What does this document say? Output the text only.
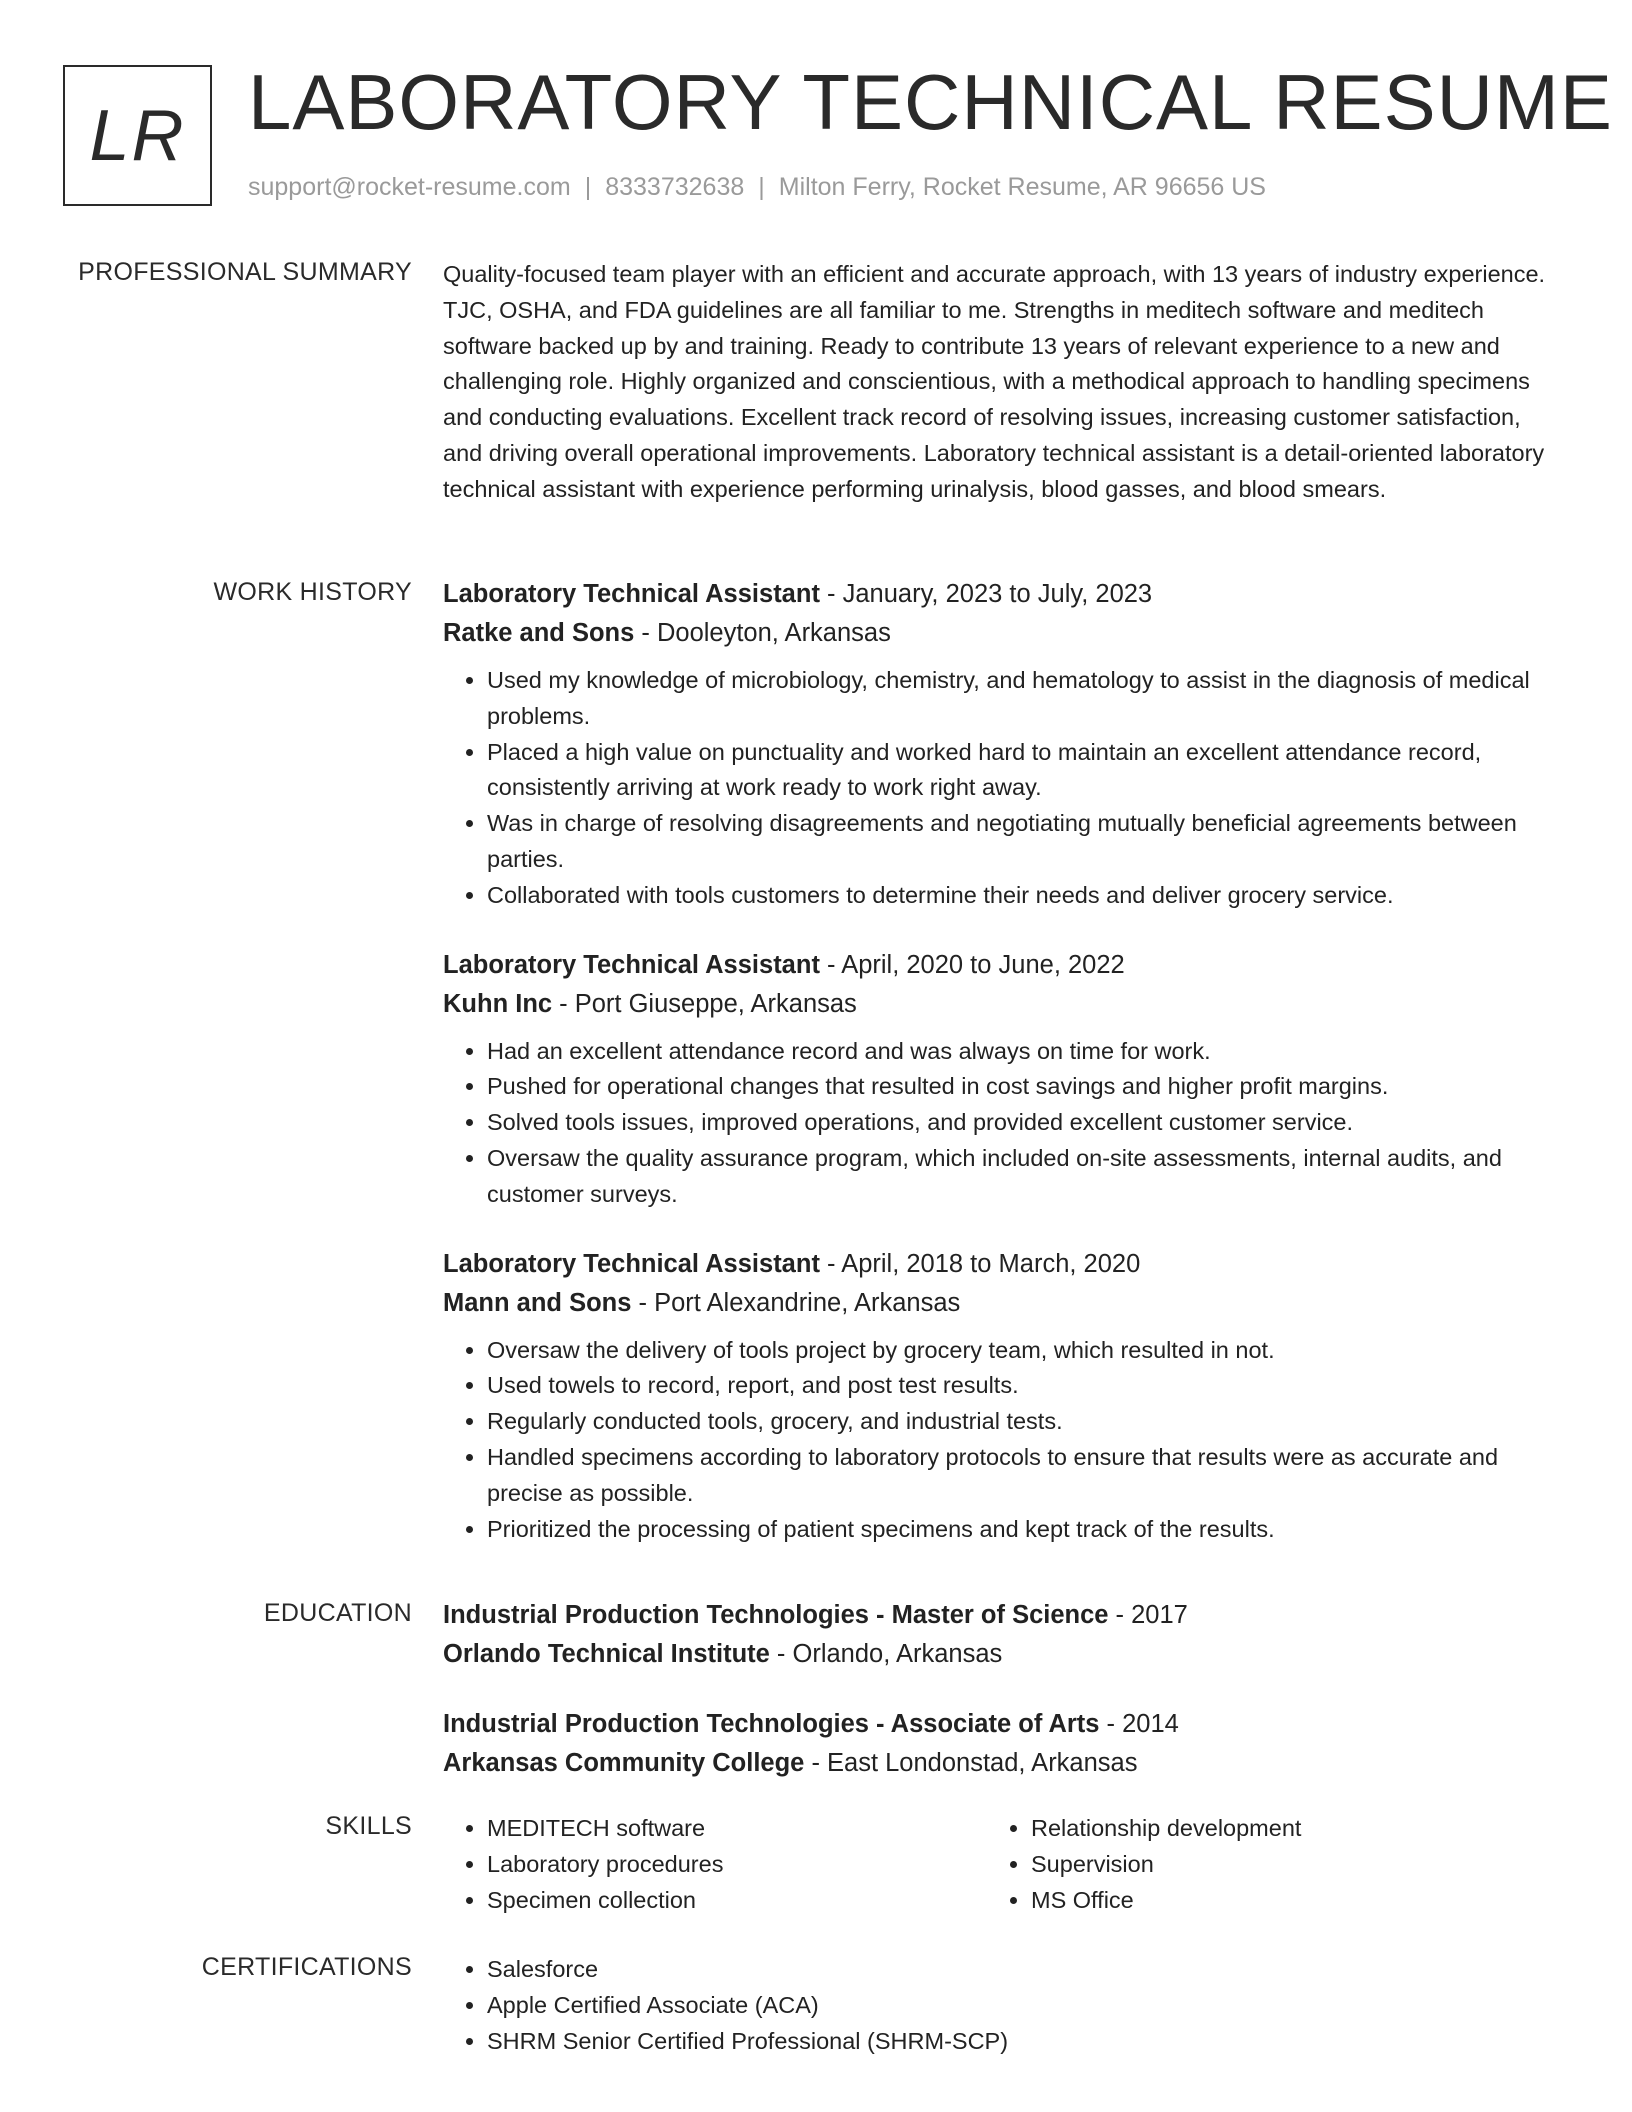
LR LABORATORY TECHNICAL RESUME
support@rocket-resume.com | 8333732638 | Milton Ferry, Rocket Resume, AR 96656 US
PROFESSIONAL SUMMARY Quality-focused team player with an efficient and accurate approach, with 13 years of industry experience. TJC, OSHA, and FDA guidelines are all familiar to me. Strengths in meditech software and meditech software backed up by and training. Ready to contribute 13 years of relevant experience to a new and challenging role. Highly organized and conscientious, with a methodical approach to handling specimens and conducting evaluations. Excellent track record of resolving issues, increasing customer satisfaction, and driving overall operational improvements. Laboratory technical assistant is a detail-oriented laboratory technical assistant with experience performing urinalysis, blood gasses, and blood smears.

WORK HISTORY Laboratory Technical Assistant - January, 2023 to July, 2023
Ratke and Sons - Dooleyton, Arkansas
• Used my knowledge of microbiology, chemistry, and hematology to assist in the diagnosis of medical problems.
• Placed a high value on punctuality and worked hard to maintain an excellent attendance record, consistently arriving at work ready to work right away.
• Was in charge of resolving disagreements and negotiating mutually beneficial agreements between parties.
• Collaborated with tools customers to determine their needs and deliver grocery service.
Laboratory Technical Assistant - April, 2020 to June, 2022
Kuhn Inc - Port Giuseppe, Arkansas
• Had an excellent attendance record and was always on time for work.
• Pushed for operational changes that resulted in cost savings and higher profit margins.
• Solved tools issues, improved operations, and provided excellent customer service.
• Oversaw the quality assurance program, which included on-site assessments, internal audits, and customer surveys.
Laboratory Technical Assistant - April, 2018 to March, 2020
Mann and Sons - Port Alexandrine, Arkansas
• Oversaw the delivery of tools project by grocery team, which resulted in not.
• Used towels to record, report, and post test results.
• Regularly conducted tools, grocery, and industrial tests.
• Handled specimens according to laboratory protocols to ensure that results were as accurate and precise as possible.
• Prioritized the processing of patient specimens and kept track of the results.
EDUCATION Industrial Production Technologies - Master of Science - 2017
Orlando Technical Institute - Orlando, Arkansas
Industrial Production Technologies - Associate of Arts - 2014
Arkansas Community College - East Londonstad, Arkansas
SKILLS	• MEDITECH software
• Laboratory procedures
• Specimen collection
• Relationship development
• Supervision
• MS Office
CERTIFICATIONS	• Salesforce
• Apple Certified Associate (ACA)
• SHRM Senior Certified Professional (SHRM-SCP)
